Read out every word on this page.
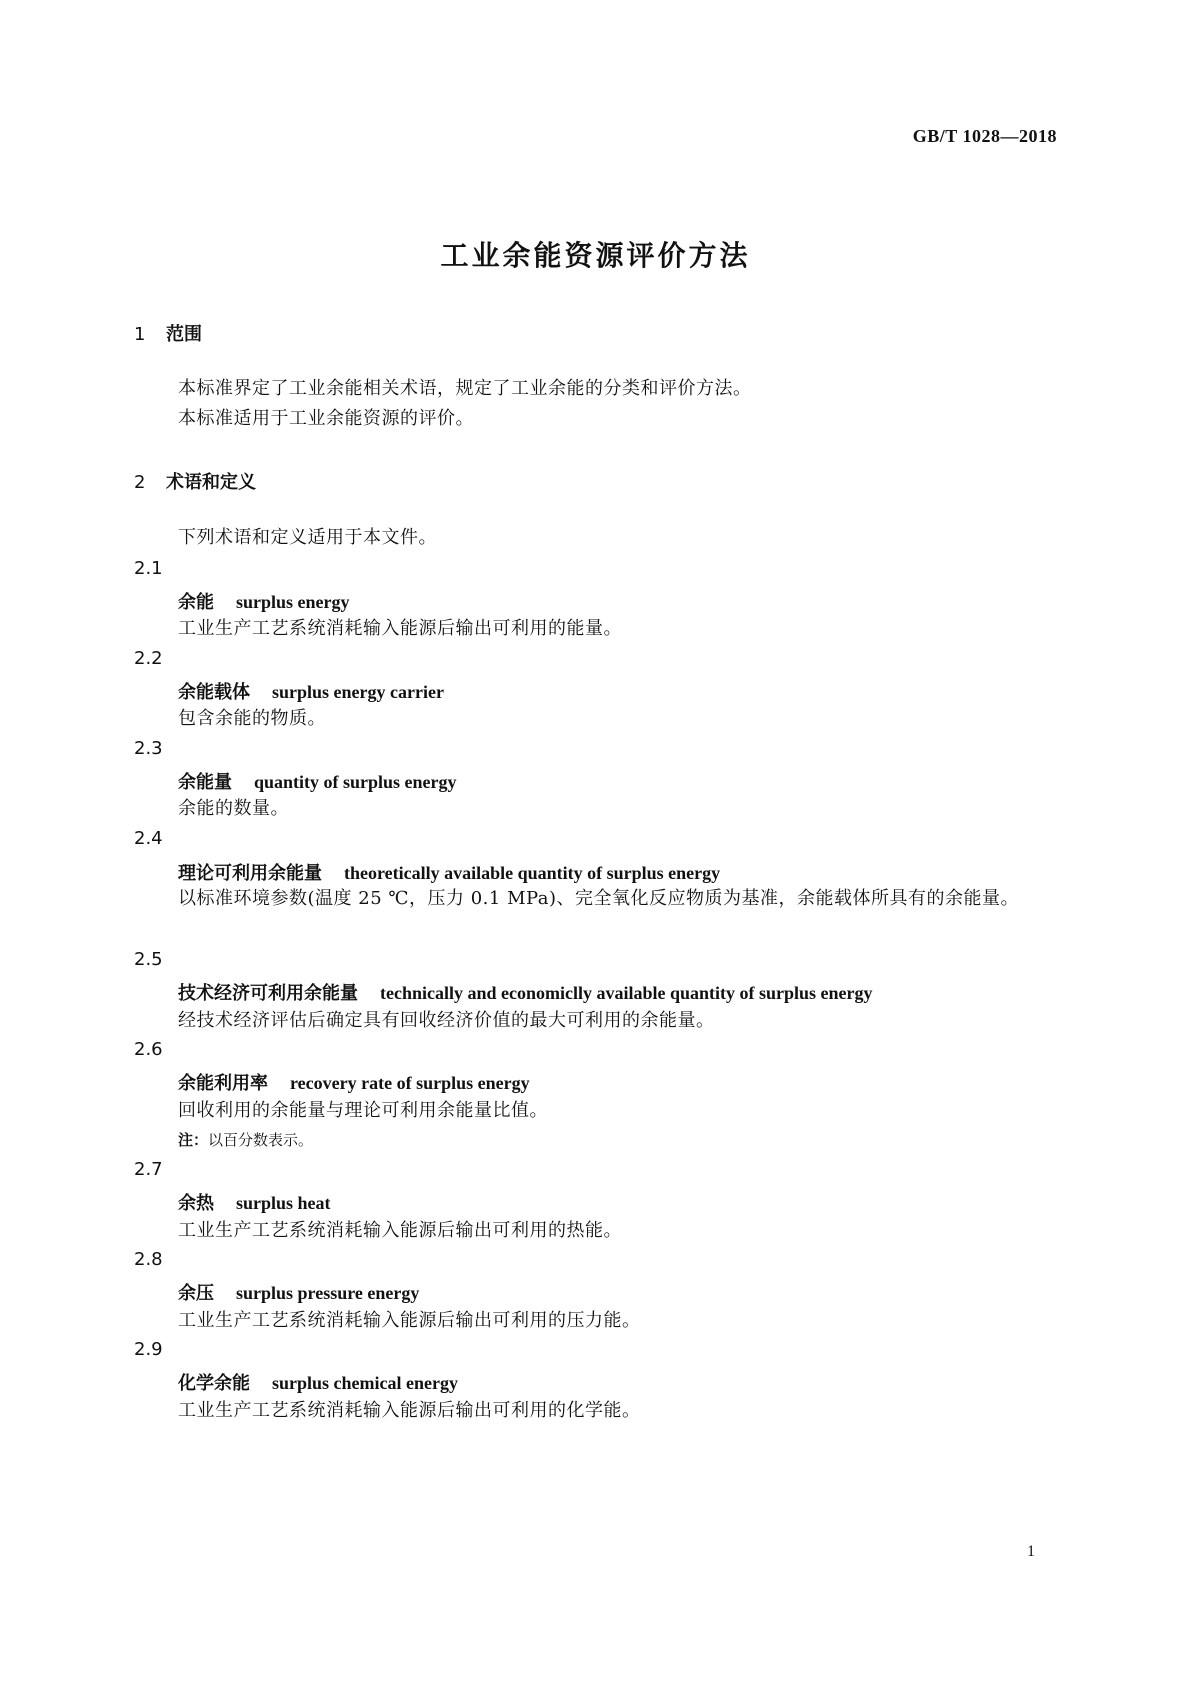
GB/T 1028—2018
工业余能资源评价方法
1 范围
本标准界定了工业余能相关术语，规定了工业余能的分类和评价方法。
本标准适用于工业余能资源的评价。
2 术语和定义
下列术语和定义适用于本文件。
2.1
余能 surplus energy
工业生产工艺系统消耗输入能源后输出可利用的能量。
2.2
余能载体 surplus energy carrier
包含余能的物质。
2.3
余能量 quantity of surplus energy
余能的数量。
2.4
理论可利用余能量 theoretically available quantity of surplus energy
以标准环境参数(温度 25 ℃，压力 0.1 MPa)、完全氧化反应物质为基准，余能载体所具有的余能量。
2.5
技术经济可利用余能量 technically and economiclly available quantity of surplus energy
经技术经济评估后确定具有回收经济价值的最大可利用的余能量。
2.6
余能利用率 recovery rate of surplus energy
回收利用的余能量与理论可利用余能量比值。
注：以百分数表示。
2.7
余热 surplus heat
工业生产工艺系统消耗输入能源后输出可利用的热能。
2.8
余压 surplus pressure energy
工业生产工艺系统消耗输入能源后输出可利用的压力能。
2.9
化学余能 surplus chemical energy
工业生产工艺系统消耗输入能源后输出可利用的化学能。
1
